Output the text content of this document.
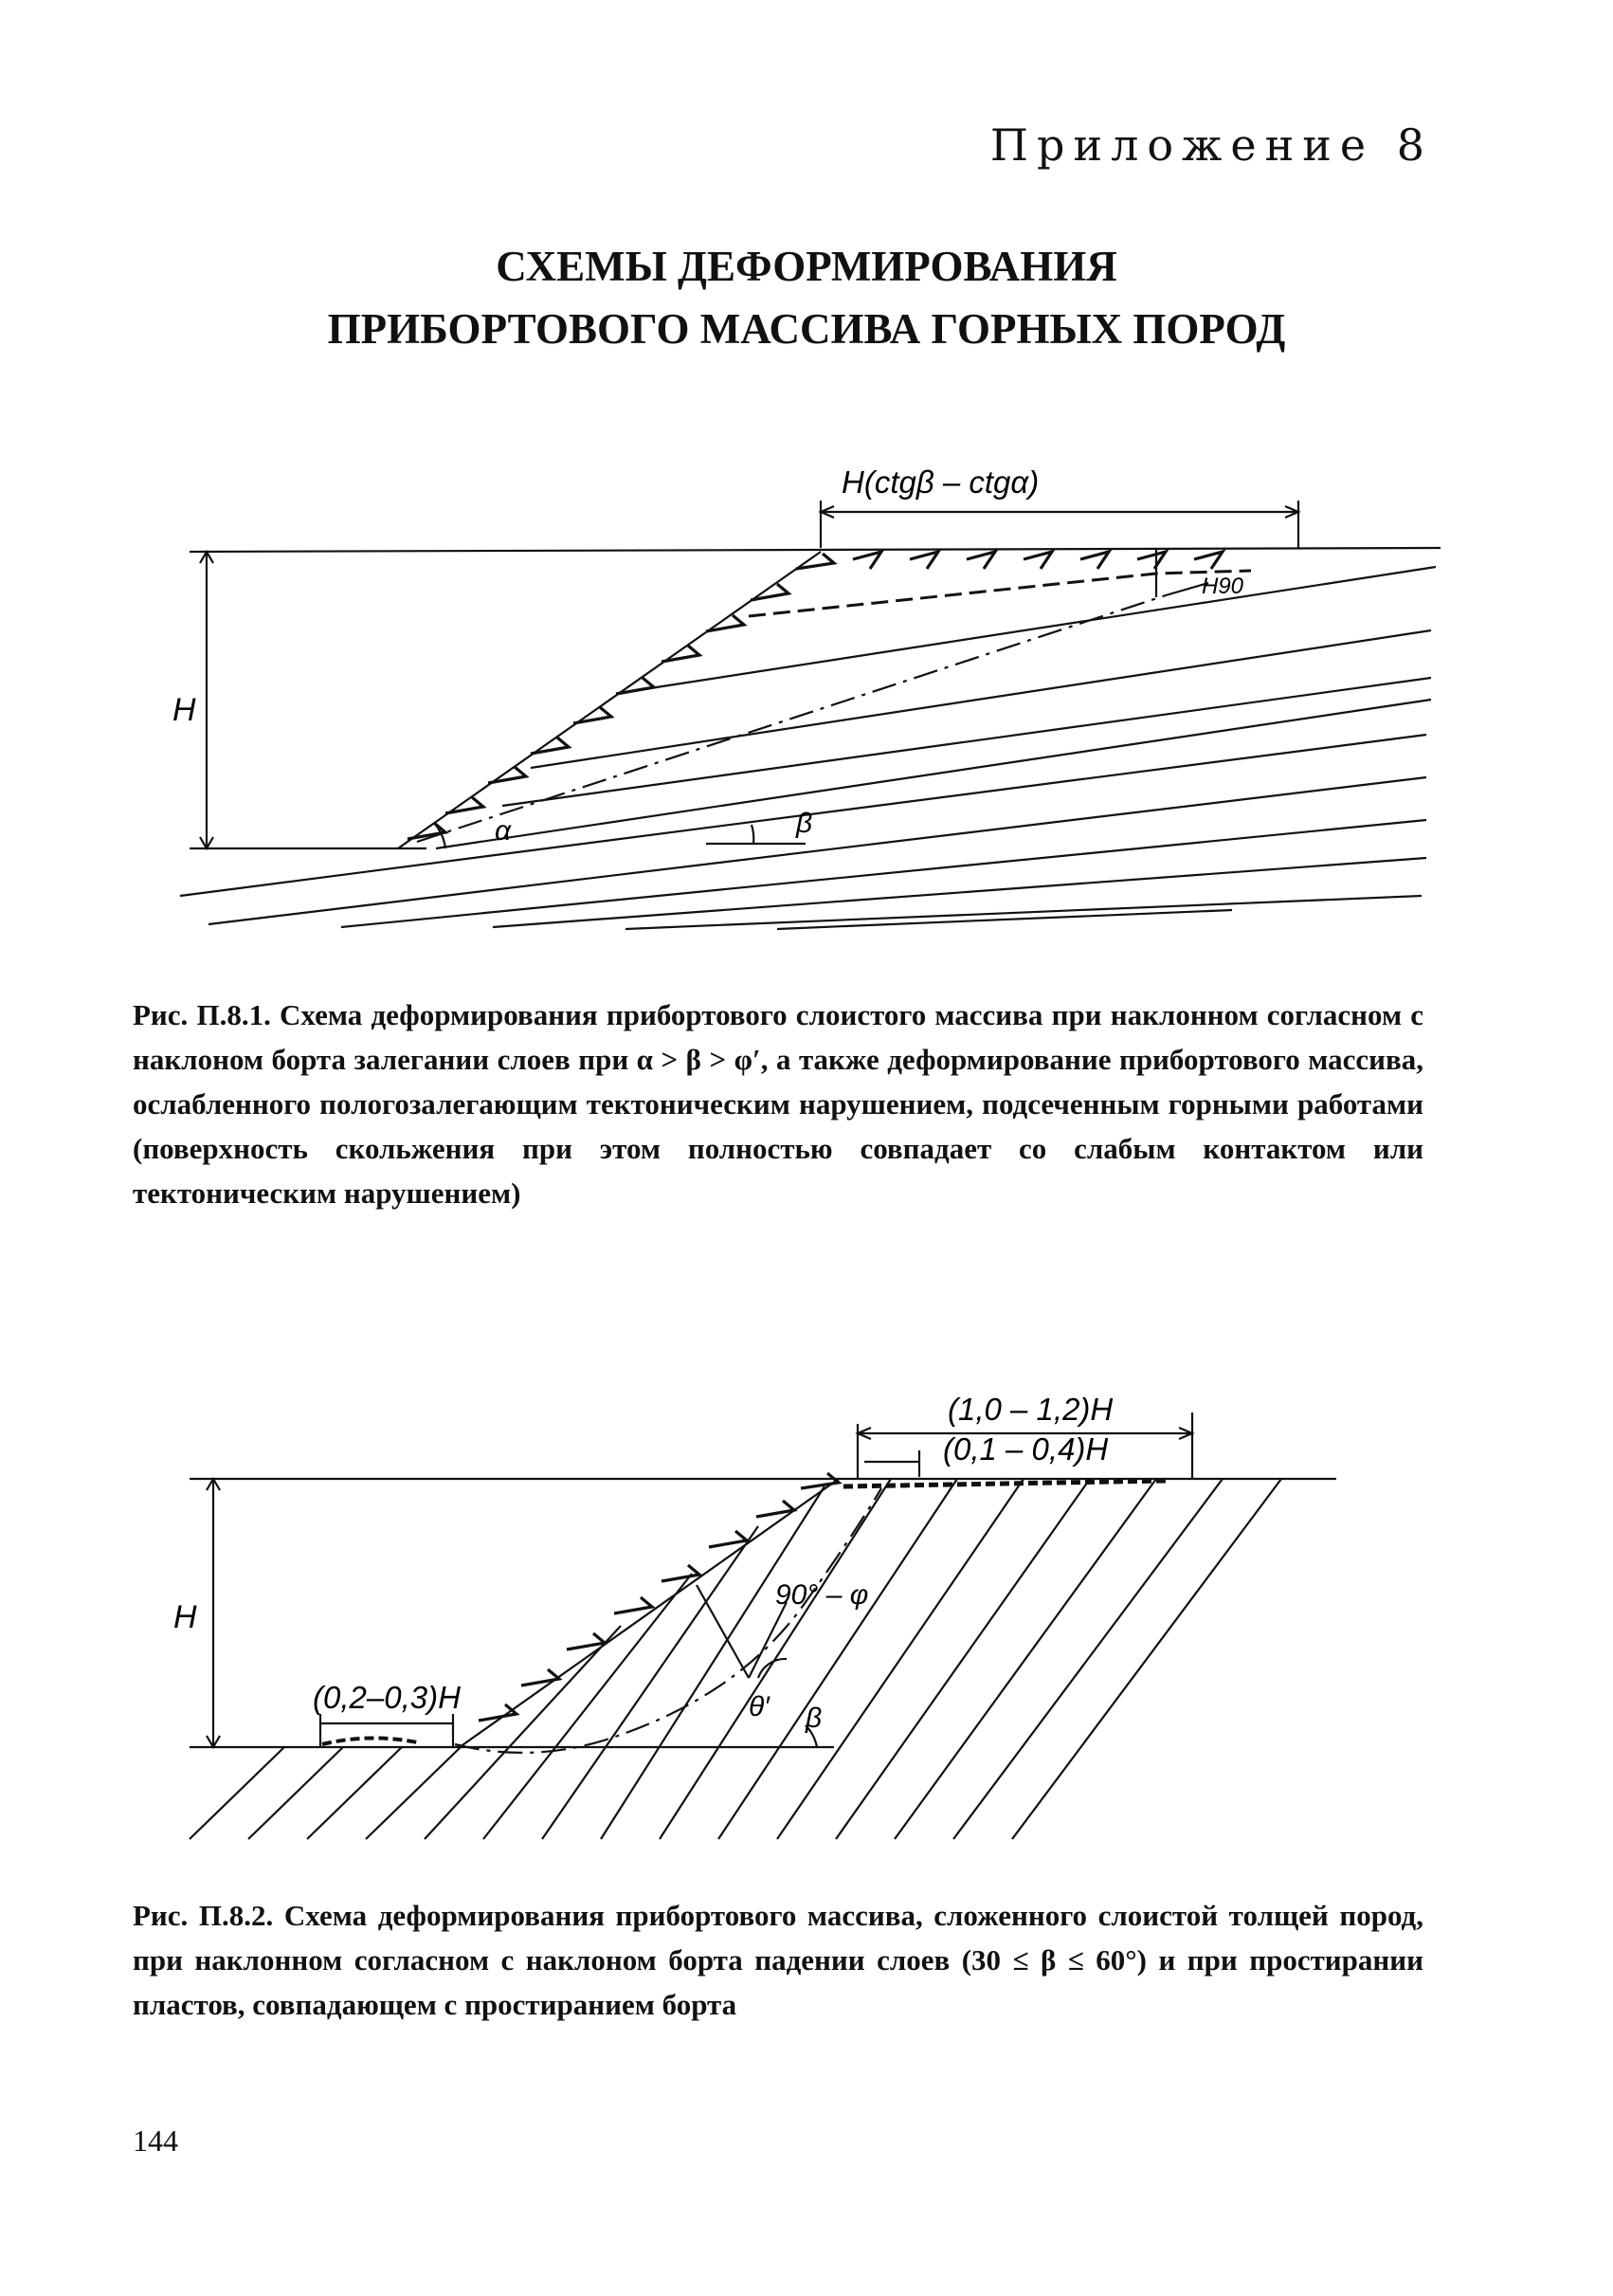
Приложение 8
СХЕМЫ ДЕФОРМИРОВАНИЯ
ПРИБОРТОВОГО МАССИВА ГОРНЫХ ПОРОД
H(ctgβ – ctgα)
H
H90
α	β
Рис. П.8.1. Схема деформирования прибортового слоистого массива при наклонном согласном с наклоном борта залегании слоев при α > β > φ′, а также деформирование прибортового массива, ослабленного пологозалегающим тектоническим нарушением, подсеченным горными работами (поверхность скольжения при этом полностью совпадает со слабым контактом или тектоническим нарушением)
(1,0 – 1,2)H
(0,1 – 0,4)H
H
(0,2–0,3)H
90° – φ
θ′ β
Рис. П.8.2. Схема деформирования прибортового массива, сложенного слоистой толщей пород, при наклонном согласном с наклоном борта падении слоев (30 ≤ β ≤ 60°) и при простирании пластов, совпадающем с простиранием борта
144
